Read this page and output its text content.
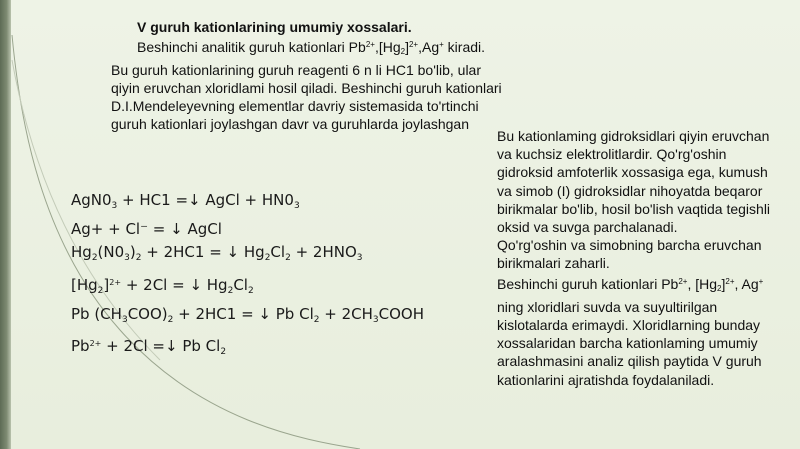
V guruh kationlarining umumiy xossalari.
Beshinchi analitik guruh kationlari $Pb^{2+},[Hg_2]^{2+},Ag^+$ kiradi.
Bu guruh kationlarining guruh reagenti 6 n li HC1 bo'lib, ular qiyin eruvchan xloridlami hosil qiladi. Beshinchi guruh kationlari D.I.Mendeleyevning elementlar davriy sistemasida to'rtinchi guruh kationlari joylashgan davr va guruhlarda joylashgan
$AgN0_3 + HC1$ =↓ AgCl + $HN0_3$
Ag+ + Cl⁻ = ↓ AgCl
$Hg_2(N0_3)_2 + 2HC1$ = ↓ $Hg_2Cl_2 + 2HNO_3$
$[Hg_2]^{2+} + 2Cl$ = ↓ $Hg_2Cl_2$
Pb $(CH_3COO)_2 + 2HC1$ = ↓ Pb $Cl_2$ + $2CH_3COOH$
$Pb^{2+} + 2Cl$ =↓ Pb $Cl_2$
Bu kationlaming gidroksidlari qiyin eruvchan va kuchsiz elektrolitlardir. Qo'rg'oshin gidroksid amfoterlik xossasiga ega, kumush va simob (I) gidroksidlar nihoyatda beqaror birikmalar bo'lib, hosil bo'lish vaqtida tegishli oksid va suvga parchalanadi.
Qo'rg'oshin va simobning barcha eruvchan birikmalari zaharli.
Beshinchi guruh kationlari $Pb^{2+}$, $[Hg_2]^{2+}$, Ag+ ning xloridlari suvda va suyultirilgan kislotalarda erimaydi. Xloridlarning bunday xossalaridan barcha kationlaming umumiy aralashmasini analiz qilish paytida V guruh kationlarini ajratishda foydalaniladi.
